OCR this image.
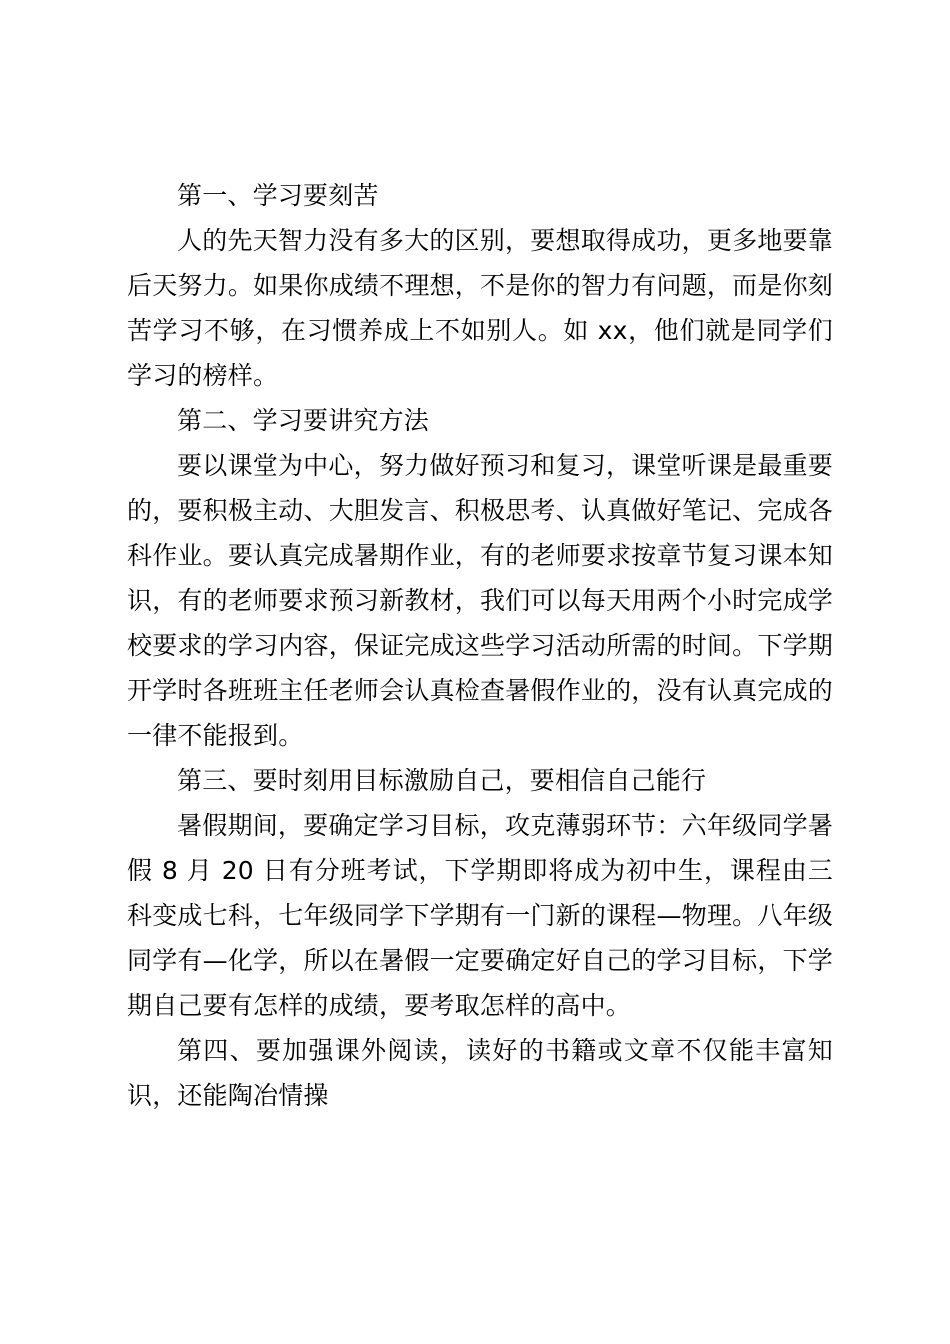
第一、学习要刻苦

人的先天智力没有多大的区别，要想取得成功，更多地要靠后天努力。如果你成绩不理想，不是你的智力有问题，而是你刻苦学习不够，在习惯养成上不如别人。如 xx，他们就是同学们学习的榜样。

第二、学习要讲究方法

要以课堂为中心，努力做好预习和复习，课堂听课是最重要的，要积极主动、大胆发言、积极思考、认真做好笔记、完成各科作业。要认真完成暑期作业，有的老师要求按章节复习课本知识，有的老师要求预习新教材，我们可以每天用两个小时完成学校要求的学习内容，保证完成这些学习活动所需的时间。下学期开学时各班班主任老师会认真检查暑假作业的，没有认真完成的一律不能报到。

第三、要时刻用目标激励自己，要相信自己能行

暑假期间，要确定学习目标，攻克薄弱环节：六年级同学暑假 8 月 20 日有分班考试，下学期即将成为初中生，课程由三科变成七科，七年级同学下学期有一门新的课程—物理。八年级同学有—化学，所以在暑假一定要确定好自己的学习目标，下学期自己要有怎样的成绩，要考取怎样的高中。

第四、要加强课外阅读，读好的书籍或文章不仅能丰富知识，还能陶冶情操
